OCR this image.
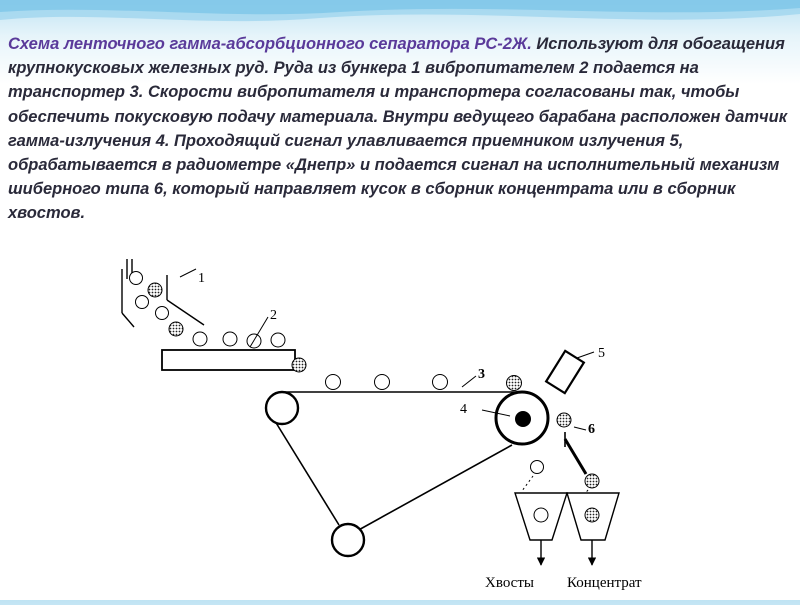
Схема ленточного гамма-абсорбционного сепаратора РС-2Ж. Используют для обогащения крупнокусковых железных руд. Руда из бункера 1 вибропитателем 2 подается на транспортер 3. Скорости вибропитателя и транспортера согласованы так, чтобы обеспечить покусковую подачу материала. Внутри ведущего барабана расположен датчик гамма-излучения 4. Проходящий сигнал улавливается приемником излучения 5, обрабатывается в радиометре «Днепр» и подается сигнал на исполнительный механизм шиберного типа 6, который направляет кусок в сборник концентрата или в сборник хвостов.

1
2
3
4
5
6
Хвосты Концентрат
